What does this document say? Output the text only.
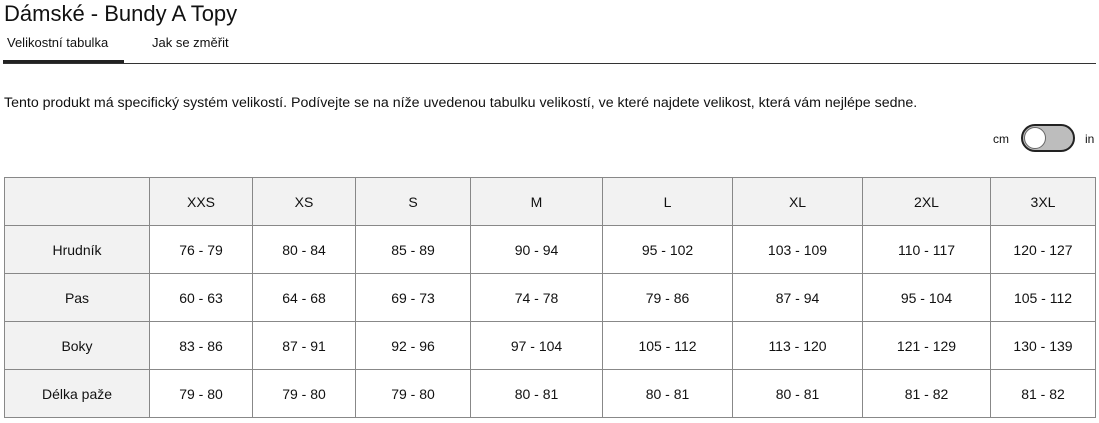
Dámské - Bundy A Topy
Velikostní tabulka	Jak se změřit

Tento produkt má specifický systém velikostí. Podívejte se na níže uvedenou tabulku velikostí, ve které najdete velikost, která vám nejlépe sedne.

cm	in
	XXS	XS	S	M	L	XL	2XL	3XL
Hrudník	76 - 79	80 - 84	85 - 89	90 - 94	95 - 102	103 - 109	110 - 117	120 - 127
Pas	60 - 63	64 - 68	69 - 73	74 - 78	79 - 86	87 - 94	95 - 104	105 - 112
Boky	83 - 86	87 - 91	92 - 96	97 - 104	105 - 112	113 - 120	121 - 129	130 - 139
Délka paže	79 - 80	79 - 80	79 - 80	80 - 81	80 - 81	80 - 81	81 - 82	81 - 82
